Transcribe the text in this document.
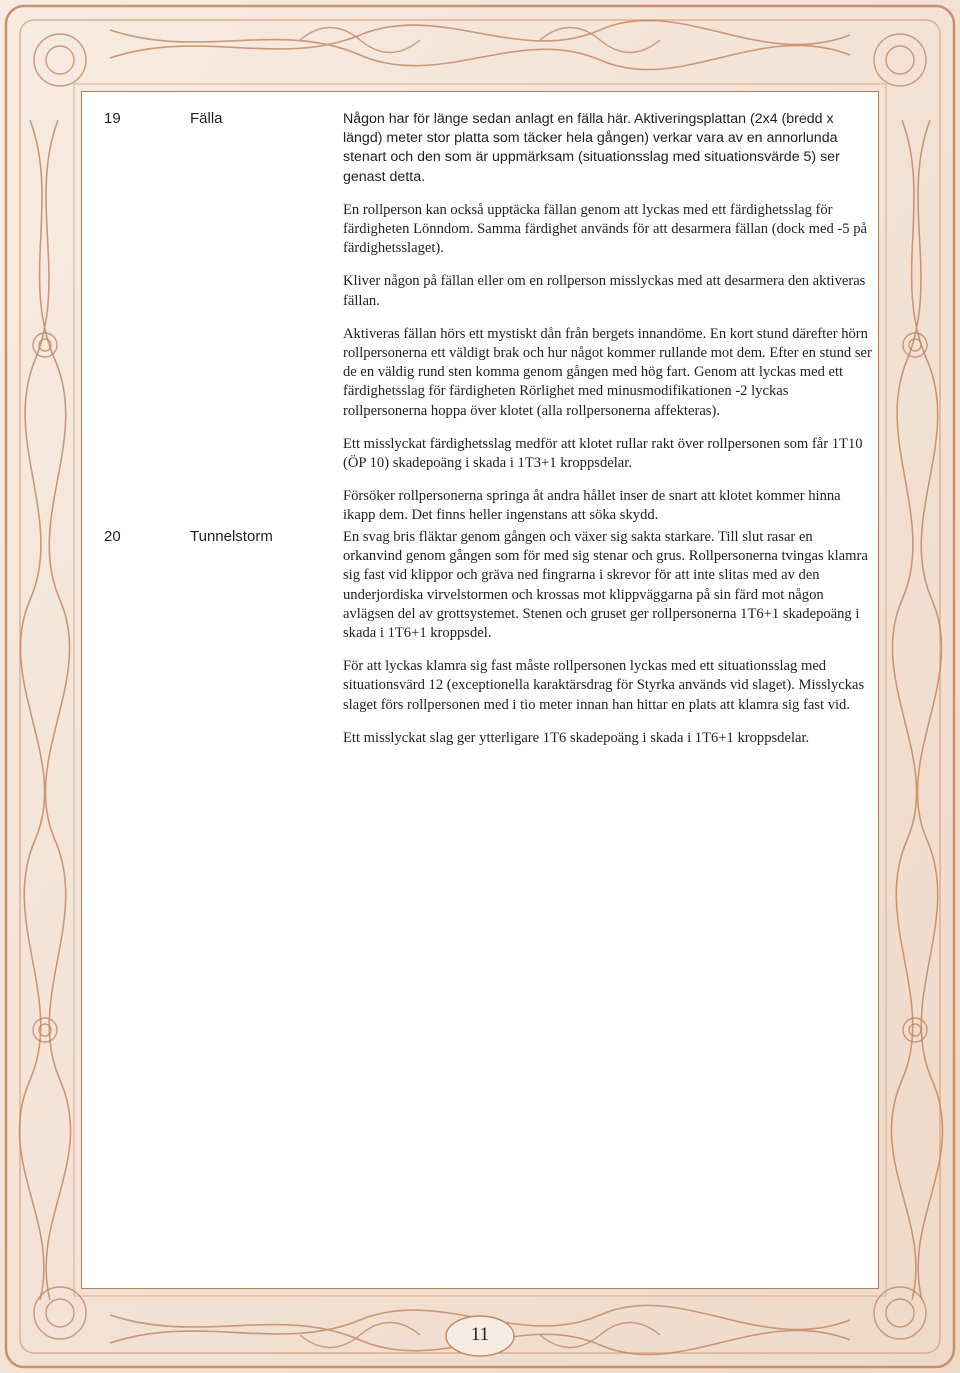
19	Fälla	Någon har för länge sedan anlagt en fälla här. Aktiveringsplattan (2x4 (bredd x längd) meter stor platta som täcker hela gången) verkar vara av en annorlunda stenart och den som är uppmärksam (situationsslag med situationsvärde 5) ser genast detta.

En rollperson kan också upptäcka fällan genom att lyckas med ett färdighetsslag för färdigheten Lönndom. Samma färdighet används för att desarmera fällan (dock med -5 på färdighetsslaget).

Kliver någon på fällan eller om en rollperson misslyckas med att desarmera den aktiveras fällan.

Aktiveras fällan hörs ett mystiskt dån från bergets innandöme. En kort stund därefter hörn rollpersonerna ett väldigt brak och hur något kommer rullande mot dem. Efter en stund ser de en väldig rund sten komma genom gången med hög fart. Genom att lyckas med ett färdighetsslag för färdigheten Rörlighet med minusmodifikationen -2 lyckas rollpersonerna hoppa över klotet (alla rollpersonerna affekteras).

Ett misslyckat färdighetsslag medför att klotet rullar rakt över rollpersonen som får 1T10 (ÖP 10) skadepoäng i skada i 1T3+1 kroppsdelar.

Försöker rollpersonerna springa åt andra hållet inser de snart att klotet kommer hinna ikapp dem. Det finns heller ingenstans att söka skydd.

20	Tunnelstorm	En svag bris fläktar genom gången och växer sig sakta starkare. Till slut rasar en orkanvind genom gången som för med sig stenar och grus. Rollpersonerna tvingas klamra sig fast vid klippor och gräva ned fingrarna i skrevor för att inte slitas med av den underjordiska virvelstormen och krossas mot klippväggarna på sin färd mot någon avlägsen del av grottsystemet. Stenen och gruset ger rollpersonerna 1T6+1 skadepoäng i skada i 1T6+1 kroppsdel.

För att lyckas klamra sig fast måste rollpersonen lyckas med ett situationsslag med situationsvärd 12 (exceptionella karaktärsdrag för Styrka används vid slaget). Misslyckas slaget förs rollpersonen med i tio meter innan han hittar en plats att klamra sig fast vid.

Ett misslyckat slag ger ytterligare 1T6 skadepoäng i skada i 1T6+1 kroppsdelar.

11
